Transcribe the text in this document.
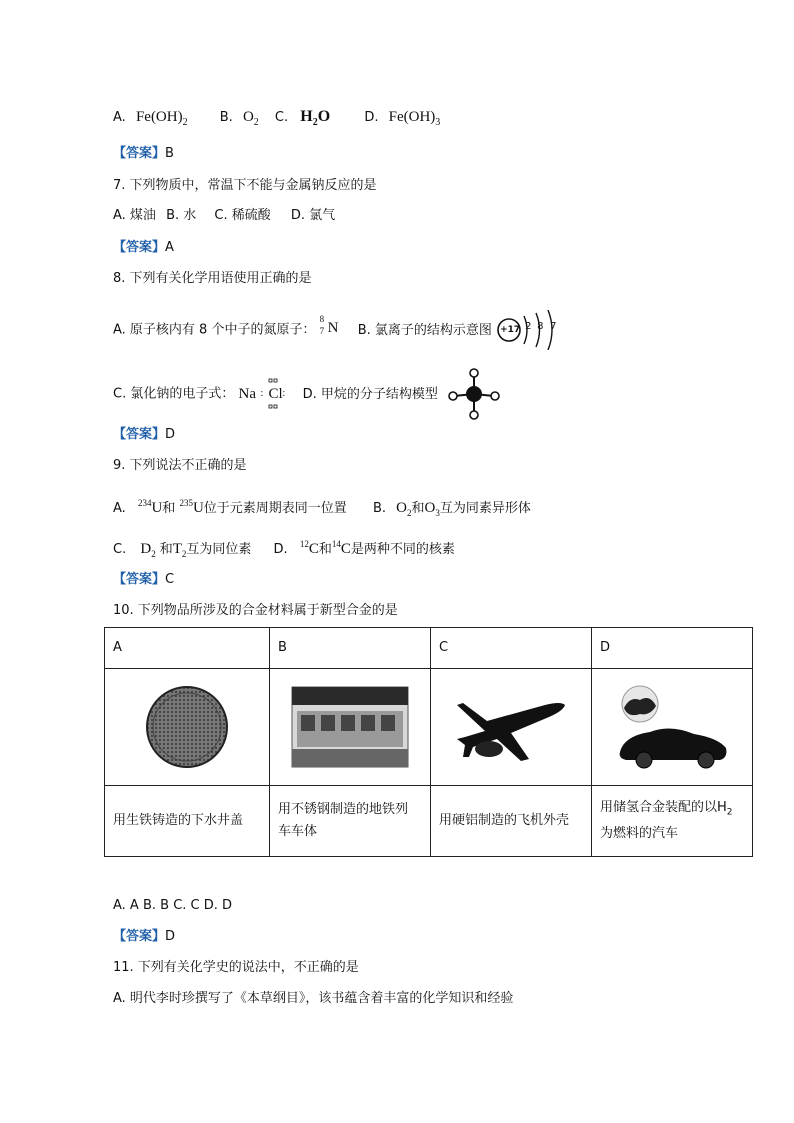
A. $Fe(OH)_2$ B. $O_2$ C. $H_2O$	D. $Fe(OH)_3$
【答案】B
7. 下列物质中，常温下不能与金属钠反应的是
A. 煤油 B. 水 C. 稀硫酸 D. 氯气
【答案】A
8. 下列有关化学用语使用正确的是
A. 原子核内有 8 个中子的氮原子：
8
7 N B. 氯离子的结构示意图 +17 2 8 7
C. 氯化钠的电子式： Na : Cl : D. 甲烷的分子结构模型
【答案】D
9. 下列说法不正确的是
A. $^{234}$U和 $^{235}$U位于元素周期表同一位置 B. $O_2$和$O_3$互为同素异形体
C. $D_2$ 和$T_2$互为同位素 D. $^{12}$C和$^{14}$C是两种不同的核素
【答案】C
10. 下列物品所涉及的合金材料属于新型合金的是
A	B	C	D

用生铁铸造的下水井盖	用不锈钢制造的地铁列
车车体	用硬铝制造的飞机外壳	用储氢合金装配的以$H_2$
为燃料的汽车
A. A B. B C. C D. D
【答案】D
11. 下列有关化学史的说法中，不正确的是
A. 明代李时珍撰写了《本草纲目》，该书蕴含着丰富的化学知识和经验
